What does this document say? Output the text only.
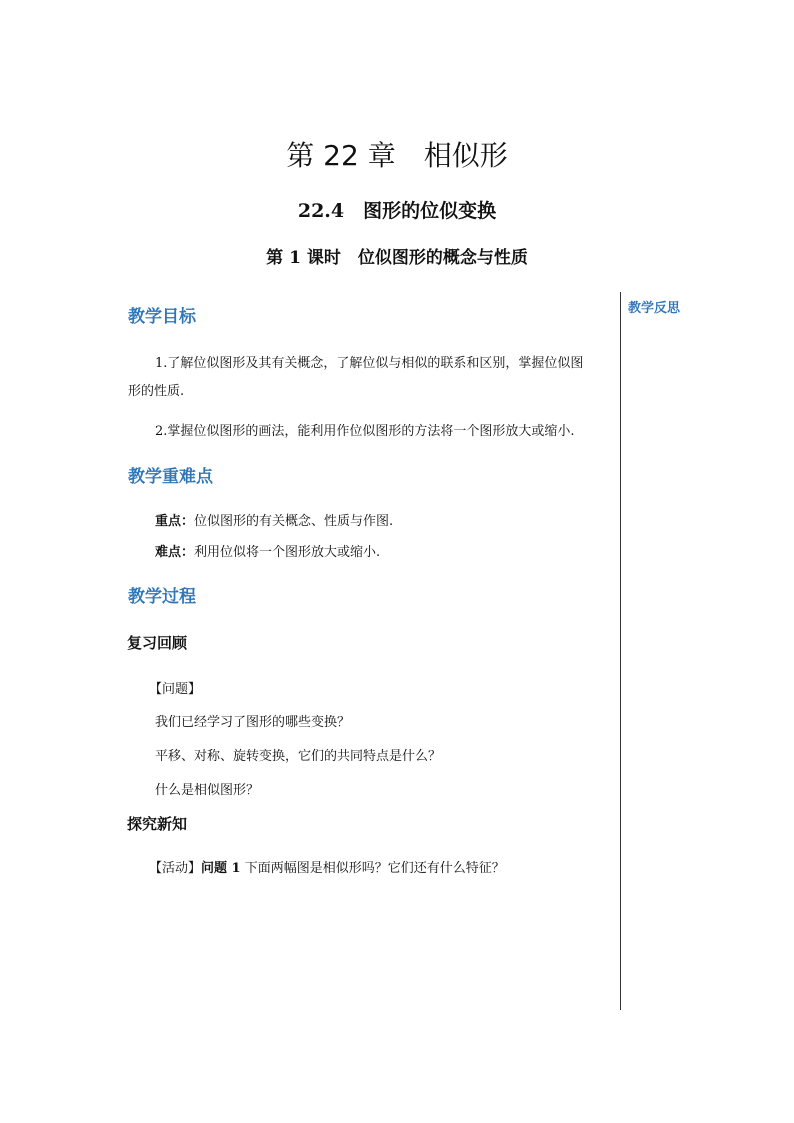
第 22 章　相似形
22.4　图形的位似变换
第 1 课时　位似图形的概念与性质
教学反思
教学目标
1.了解位似图形及其有关概念，了解位似与相似的联系和区别，掌握位似图
形的性质.
2.掌握位似图形的画法，能利用作位似图形的方法将一个图形放大或缩小.
教学重难点
重点：位似图形的有关概念、性质与作图.
难点：利用位似将一个图形放大或缩小.
教学过程
复习回顾
【问题】
我们已经学习了图形的哪些变换？
平移、对称、旋转变换，它们的共同特点是什么？
什么是相似图形？
探究新知
【活动】问题 1 下面两幅图是相似形吗？它们还有什么特征？
